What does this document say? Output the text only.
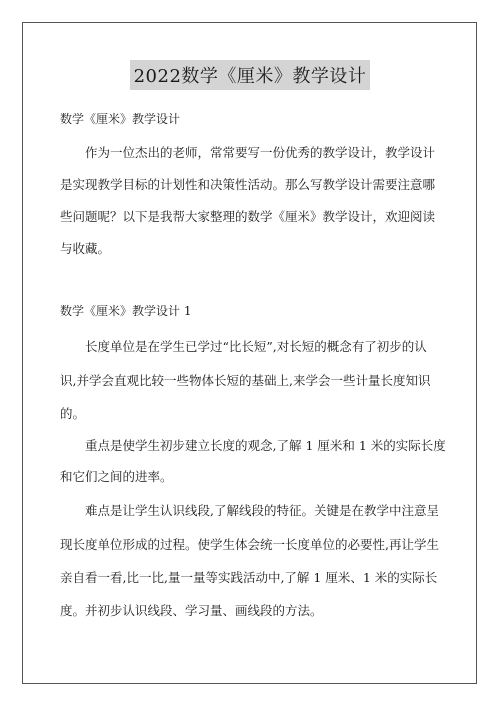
2022数学《厘米》教学设计
数学《厘米》教学设计
作为一位杰出的老师，常常要写一份优秀的教学设计，教学设计
是实现教学目标的计划性和决策性活动。那么写教学设计需要注意哪
些问题呢？以下是我帮大家整理的数学《厘米》教学设计，欢迎阅读
与收藏。
数学《厘米》教学设计 1
长度单位是在学生已学过“比长短”,对长短的概念有了初步的认
识,并学会直观比较一些物体长短的基础上,来学会一些计量长度知识
的。
重点是使学生初步建立长度的观念,了解 1 厘米和 1 米的实际长度
和它们之间的进率。
难点是让学生认识线段,了解线段的特征。关键是在教学中注意呈
现长度单位形成的过程。使学生体会统一长度单位的必要性,再让学生
亲自看一看,比一比,量一量等实践活动中,了解 1 厘米、1 米的实际长
度。并初步认识线段、学习量、画线段的方法。
